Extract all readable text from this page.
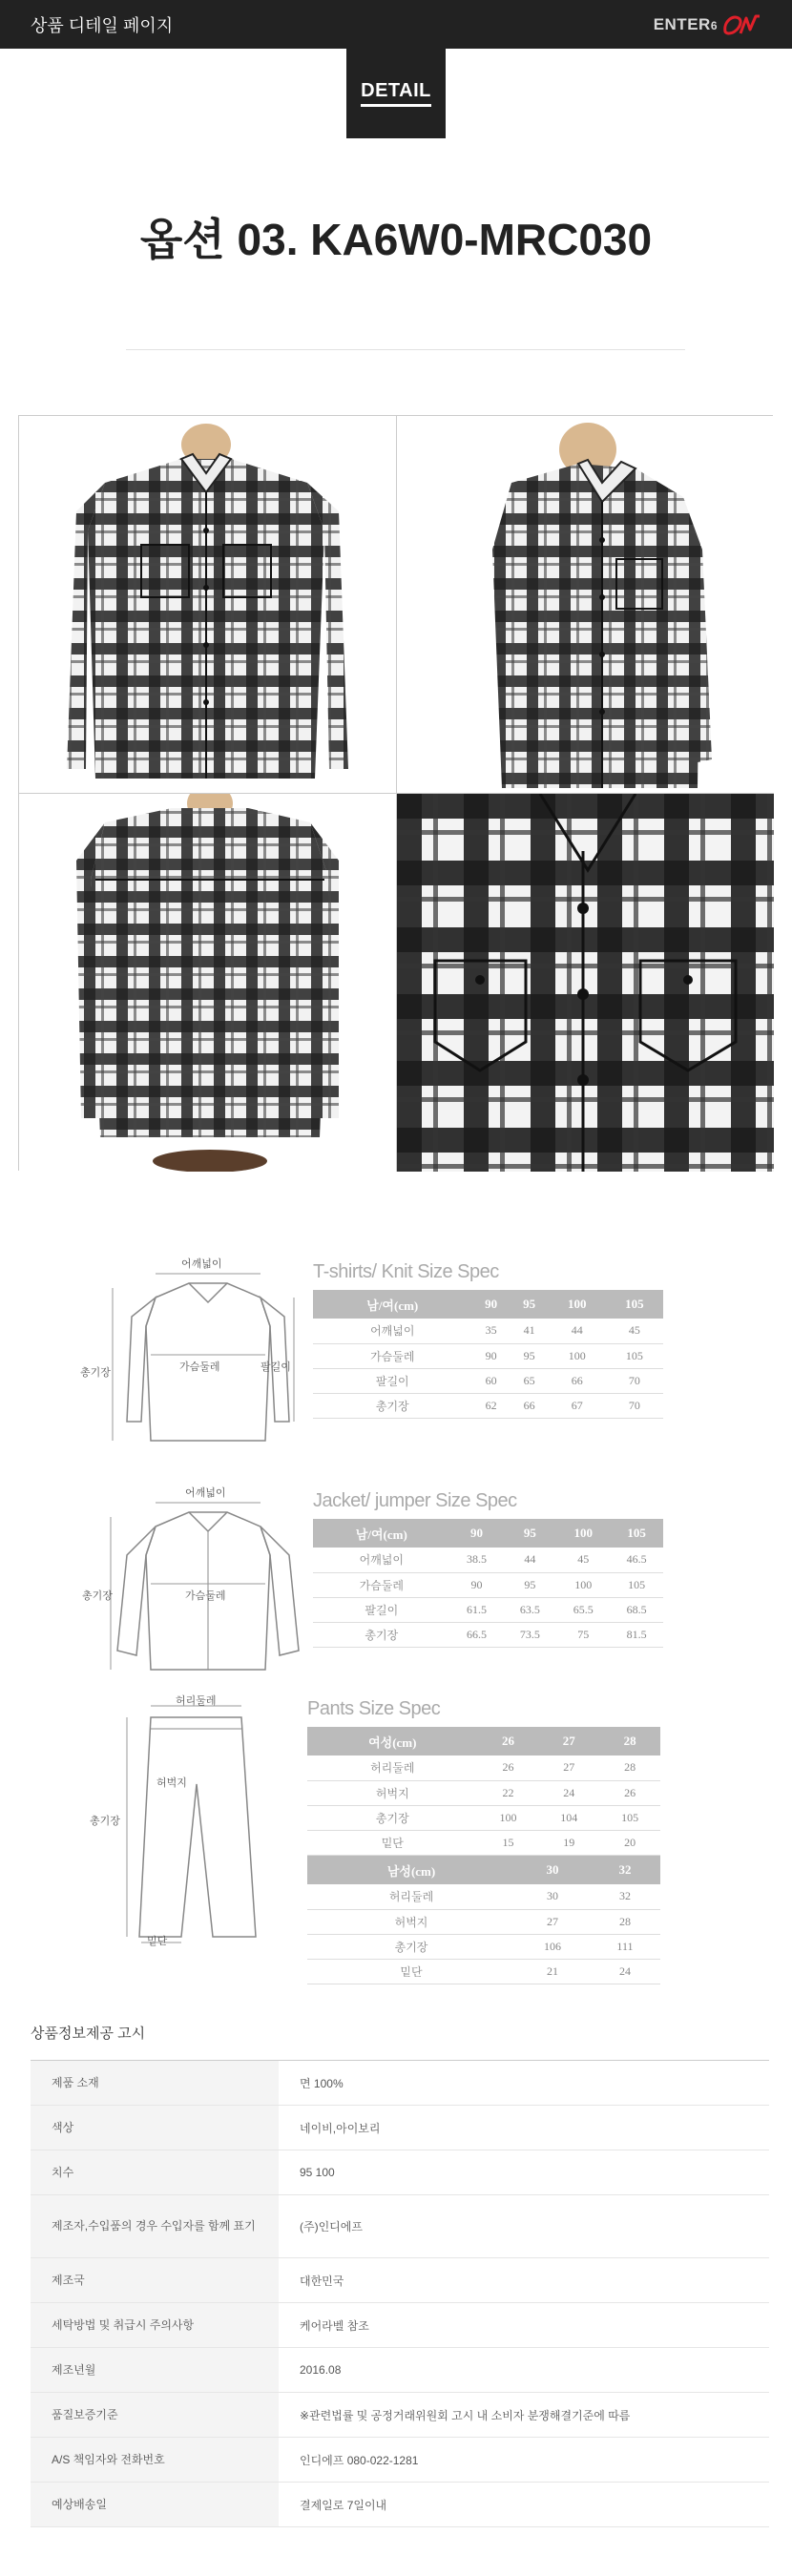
상품 디테일 페이지	ENTER6
DETAIL
옵션 03. KA6W0-MRC030
어깨넓이
가슴둘레
총기장	팔길이
T-shirts/ Knit Size Spec
남/여(cm)	90	95	100	105
어깨넓이	35	41	44	45
가슴둘레	90	95	100	105
팔길이	60	65	66	70
총기장	62	66	67	70
어깨넓이
가슴둘레
총기장
Jacket/ jumper Size Spec
남/여(cm)	90	95	100	105
어깨넓이	38.5	44	45	46.5
가슴둘레	90	95	100	105
팔길이	61.5	63.5	65.5	68.5
총기장	66.5	73.5	75	81.5
허리둘레
허벅지
총기장
밑단
Pants Size Spec
여성(cm)	26	27	28
허리둘레	26	27	28
허벅지	22	24	26
총기장	100	104	105
밑단	15	19	20
남성(cm)	30	32
허리둘레	30	32
허벅지	27	28
총기장	106	111
밑단	21	24
상품정보제공 고시
제품 소재	면 100%
색상	네이비,아이보리
치수	95 100
제조자,수입품의 경우 수입자를 함께 표기	(주)인디에프
제조국	대한민국
세탁방법 및 취급시 주의사항	케어라벨 참조
제조년월	2016.08
품질보증기준	※관련법률 및 공정거래위원회 고시 내 소비자 분쟁해결기준에 따름
A/S 책임자와 전화번호	인디에프 080-022-1281
예상배송일	결제일로 7일이내
